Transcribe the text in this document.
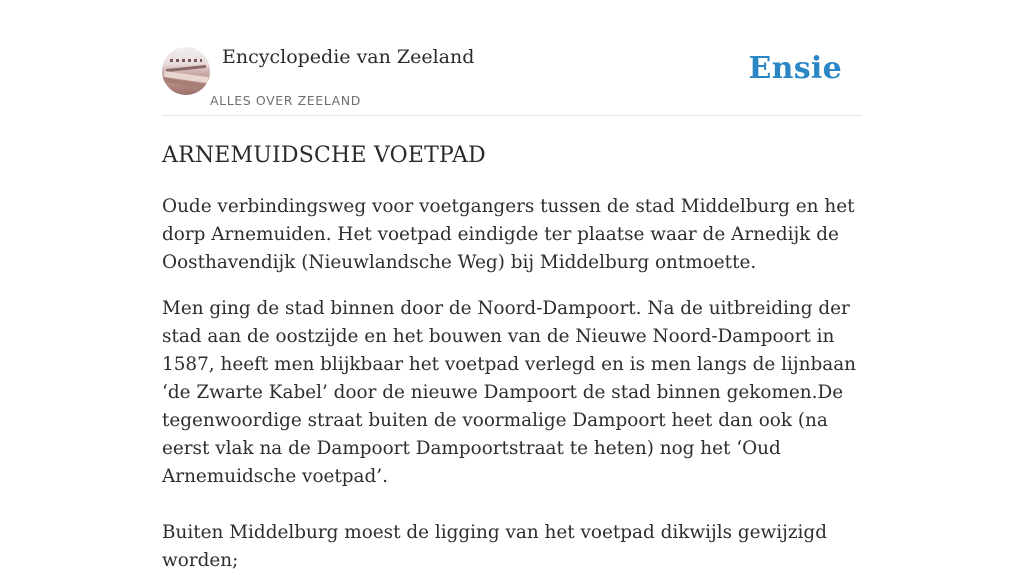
Encyclopedie van Zeeland
ALLES OVER ZEELAND
Ensie
ARNEMUIDSCHE VOETPAD

Oude verbindingsweg voor voetgangers tussen de stad Middelburg en het dorp Arnemuiden. Het voetpad eindigde ter plaatse waar de Arnedijk de Oosthavendijk (Nieuwlandsche Weg) bij Middelburg ontmoette.

Men ging de stad binnen door de Noord-Dampoort. Na de uitbreiding der stad aan de oostzijde en het bouwen van de Nieuwe Noord-Dampoort in 1587, heeft men blijkbaar het voetpad verlegd en is men langs de lijnbaan ‘de Zwarte Kabel’ door de nieuwe Dampoort de stad binnen gekomen.De tegenwoordige straat buiten de voormalige Dampoort heet dan ook (na eerst vlak na de Dampoort Dampoortstraat te heten) nog het ‘Oud Arnemuidsche voetpad’.

Buiten Middelburg moest de ligging van het voetpad dikwijls gewijzigd worden;
